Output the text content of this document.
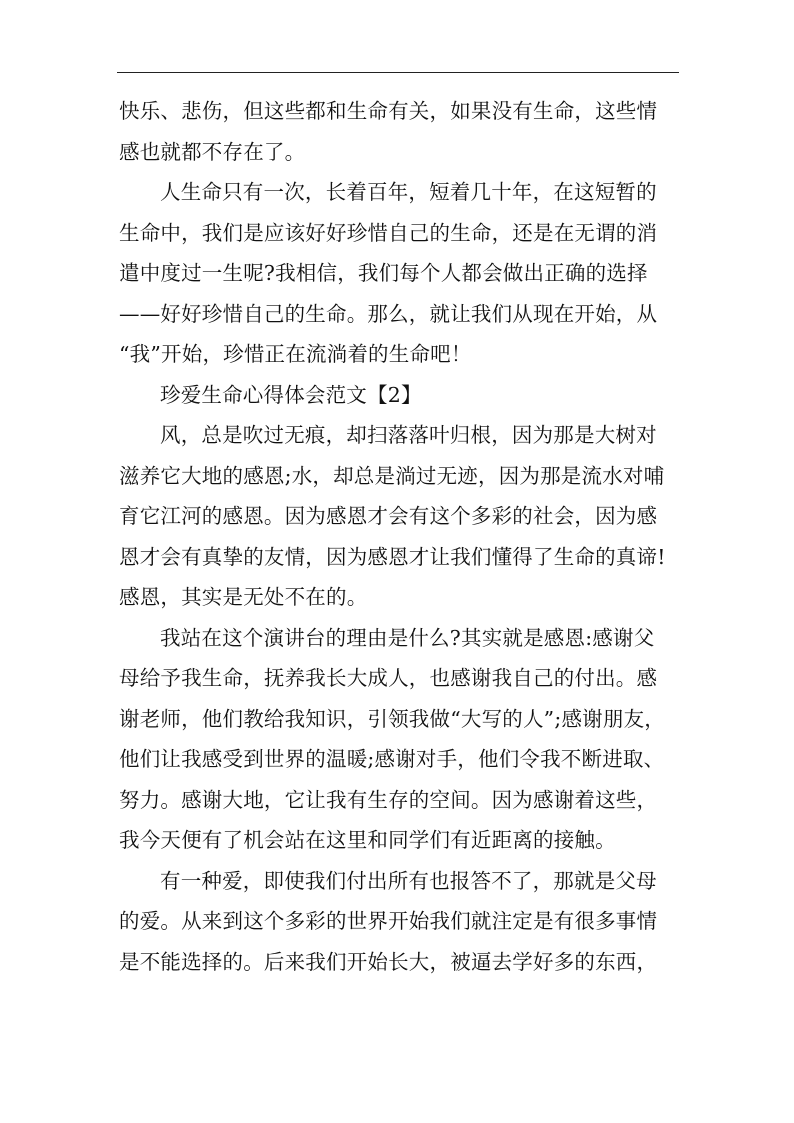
快乐、悲伤，但这些都和生命有关，如果没有生命，这些情
感也就都不存在了。
人生命只有一次，长着百年，短着几十年，在这短暂的
生命中，我们是应该好好珍惜自己的生命，还是在无谓的消
遣中度过一生呢?我相信，我们每个人都会做出正确的选择
——好好珍惜自己的生命。那么，就让我们从现在开始，从
“我”开始，珍惜正在流淌着的生命吧！
珍爱生命心得体会范文【2】
风，总是吹过无痕，却扫落落叶归根，因为那是大树对
滋养它大地的感恩;水，却总是淌过无迹，因为那是流水对哺
育它江河的感恩。因为感恩才会有这个多彩的社会，因为感
恩才会有真挚的友情，因为感恩才让我们懂得了生命的真谛!
感恩，其实是无处不在的。
我站在这个演讲台的理由是什么?其实就是感恩:感谢父
母给予我生命，抚养我长大成人，也感谢我自己的付出。感
谢老师，他们教给我知识，引领我做“大写的人”;感谢朋友，
他们让我感受到世界的温暖;感谢对手，他们令我不断进取、
努力。感谢大地，它让我有生存的空间。因为感谢着这些，
我今天便有了机会站在这里和同学们有近距离的接触。
有一种爱，即使我们付出所有也报答不了，那就是父母
的爱。从来到这个多彩的世界开始我们就注定是有很多事情
是不能选择的。后来我们开始长大，被逼去学好多的东西，
